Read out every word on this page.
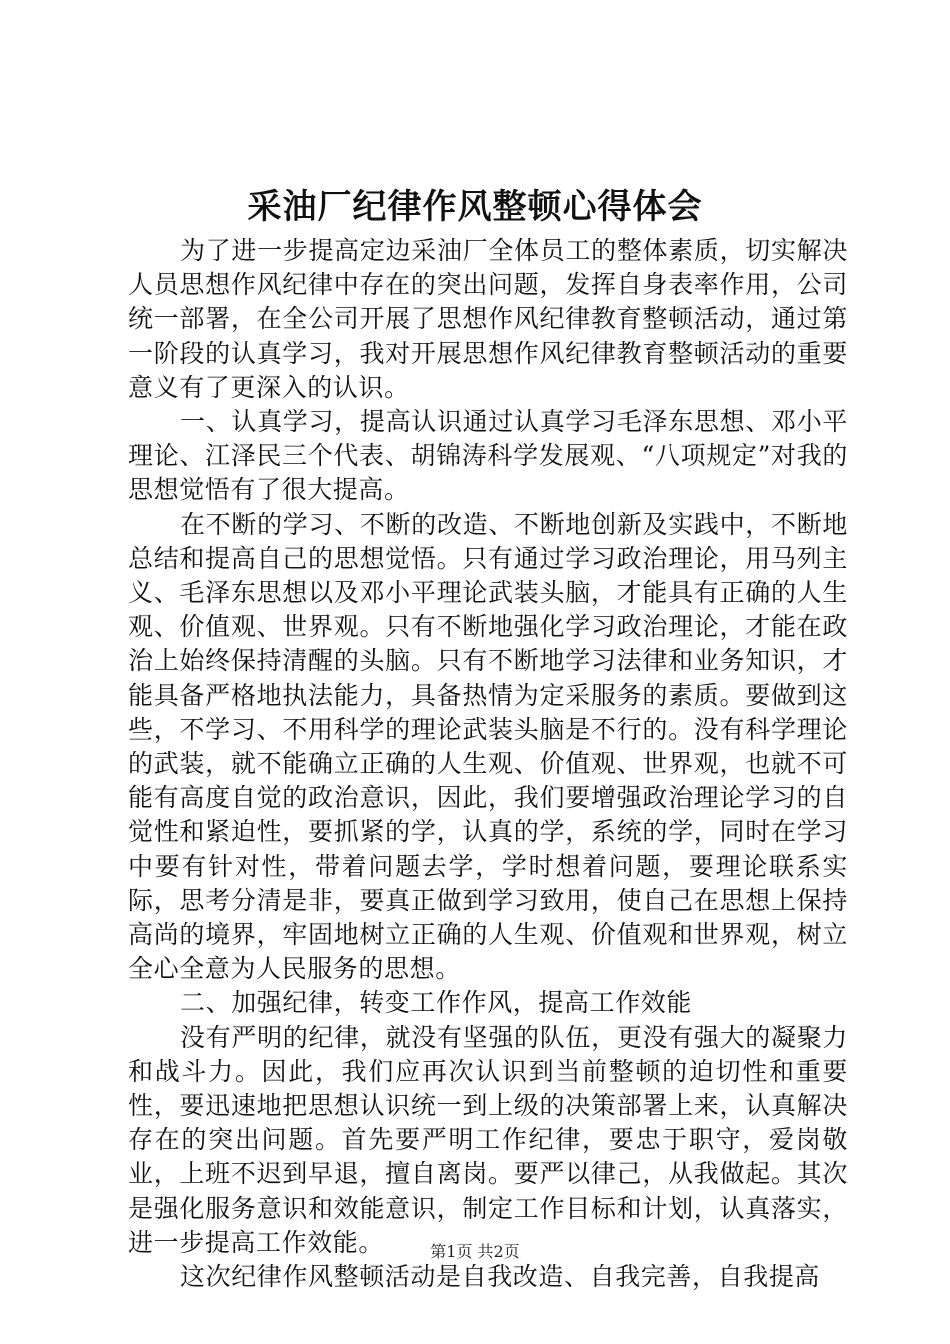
采油厂纪律作风整顿心得体会

为了进一步提高定边采油厂全体员工的整体素质，切实解决人员思想作风纪律中存在的突出问题，发挥自身表率作用，公司统一部署，在全公司开展了思想作风纪律教育整顿活动，通过第一阶段的认真学习，我对开展思想作风纪律教育整顿活动的重要意义有了更深入的认识。

一、认真学习，提高认识通过认真学习毛泽东思想、邓小平理论、江泽民三个代表、胡锦涛科学发展观、“八项规定”对我的思想觉悟有了很大提高。

在不断的学习、不断的改造、不断地创新及实践中，不断地总结和提高自己的思想觉悟。只有通过学习政治理论，用马列主义、毛泽东思想以及邓小平理论武装头脑，才能具有正确的人生观、价值观、世界观。只有不断地强化学习政治理论，才能在政治上始终保持清醒的头脑。只有不断地学习法律和业务知识，才能具备严格地执法能力，具备热情为定采服务的素质。要做到这些，不学习、不用科学的理论武装头脑是不行的。没有科学理论的武装，就不能确立正确的人生观、价值观、世界观，也就不可能有高度自觉的政治意识，因此，我们要增强政治理论学习的自觉性和紧迫性，要抓紧的学，认真的学，系统的学，同时在学习中要有针对性，带着问题去学，学时想着问题，要理论联系实际，思考分清是非，要真正做到学习致用，使自己在思想上保持高尚的境界，牢固地树立正确的人生观、价值观和世界观，树立全心全意为人民服务的思想。

二、加强纪律，转变工作作风，提高工作效能

没有严明的纪律，就没有坚强的队伍，更没有强大的凝聚力和战斗力。因此，我们应再次认识到当前整顿的迫切性和重要性，要迅速地把思想认识统一到上级的决策部署上来，认真解决存在的突出问题。首先要严明工作纪律，要忠于职守，爱岗敬业，上班不迟到早退，擅自离岗。要严以律己，从我做起。其次是强化服务意识和效能意识，制定工作目标和计划，认真落实，进一步提高工作效能。

这次纪律作风整顿活动是自我改造、自我完善，自我提高

第1页 共2页
